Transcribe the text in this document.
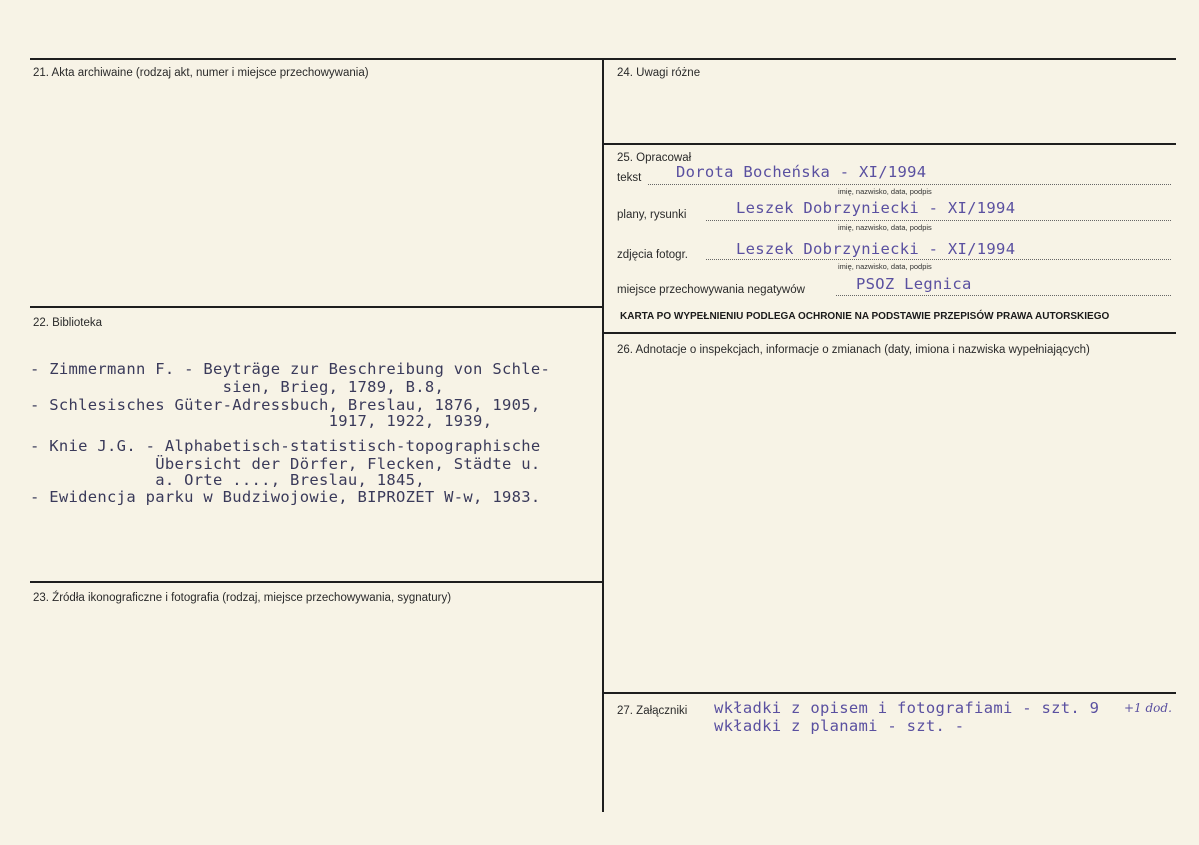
21. Akta archiwaine (rodzaj akt, numer i miejsce przechowywania)
22. Biblioteka
- Zimmermann F. - Beyträge zur Beschreibung von Schle-
sien, Brieg, 1789, B.8,
- Schlesisches Güter-Adressbuch, Breslau, 1876, 1905,
1917, 1922, 1939,
- Knie J.G. - Alphabetisch-statistisch-topographische
Übersicht der Dörfer, Flecken, Städte u.
a. Orte ...., Breslau, 1845,
- Ewidencja parku w Budziwojowie, BIPROZET W-w, 1983.
23. Źródła ikonograficzne i fotografia (rodzaj, miejsce przechowywania, sygnatury)
24. Uwagi różne
25. Opracował
tekst Dorota Bocheńska - XI/1994
imię, nazwisko, data, podpis
plany, rysunki	Leszek Dobrzyniecki - XI/1994
imię, nazwisko, data, podpis
zdjęcia fotogr.	Leszek Dobrzyniecki - XI/1994
imię, nazwisko, data, podpis
miejsce przechowywania negatywów	PSOZ Legnica
KARTA PO WYPEŁNIENIU PODLEGA OCHRONIE NA PODSTAWIE PRZEPISÓW PRAWA AUTORSKIEGO
26. Adnotacje o inspekcjach, informacje o zmianach (daty, imiona i nazwiska wypełniających)
27. Załączniki wkładki z opisem i fotografiami - szt. 9 +1 dod.
wkładki z planami - szt. -
